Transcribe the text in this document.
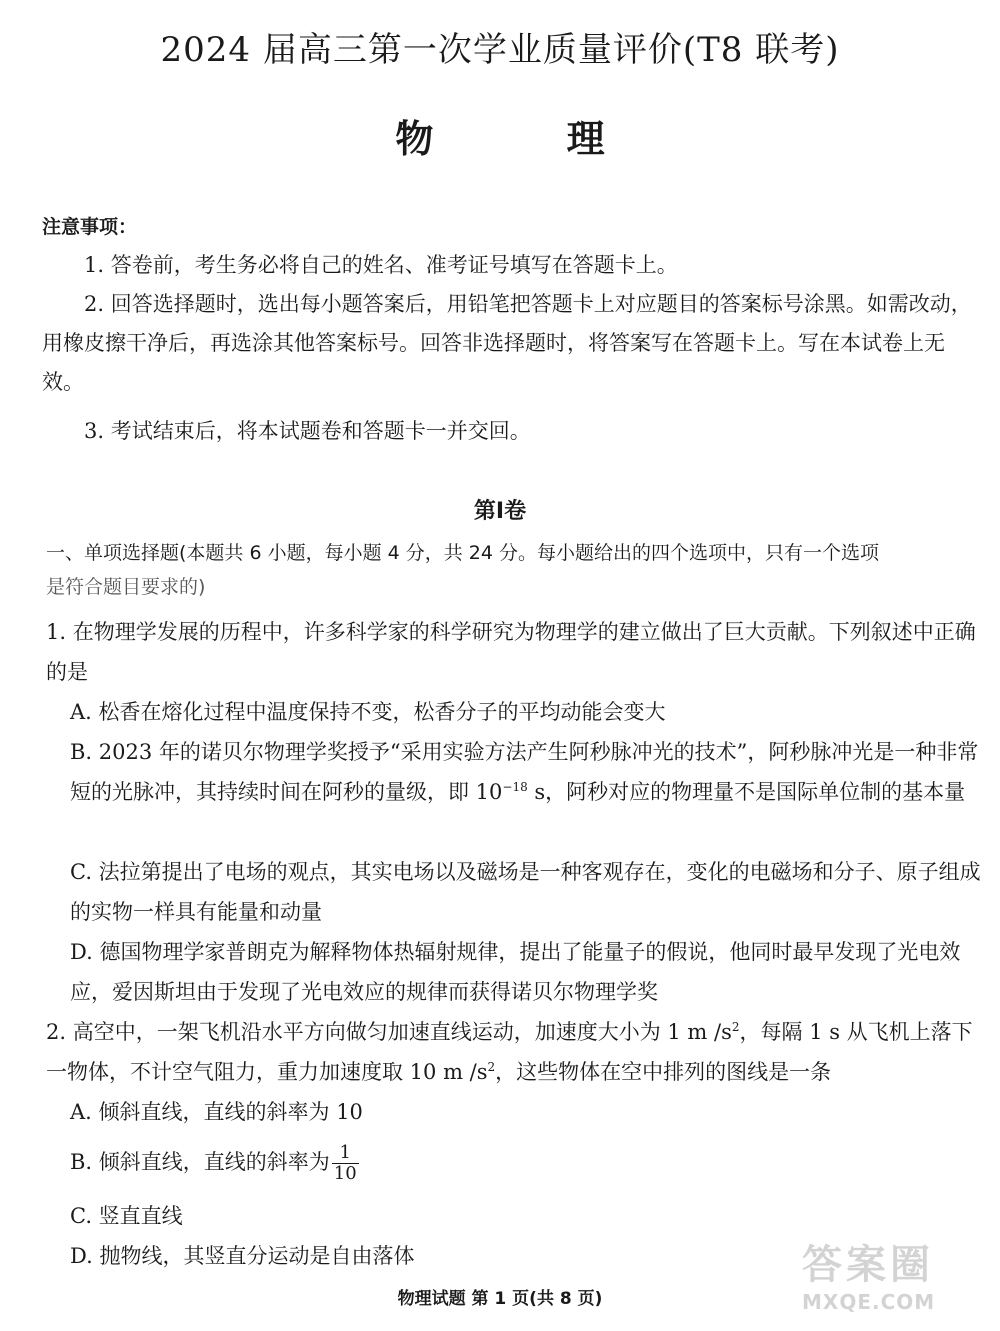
2024 届高三第一次学业质量评价(T8 联考)
物 理
注意事项：
1. 答卷前，考生务必将自己的姓名、准考证号填写在答题卡上。
2. 回答选择题时，选出每小题答案后，用铅笔把答题卡上对应题目的答案标号涂黑。如需改动，用橡皮擦干净后，再选涂其他答案标号。回答非选择题时，将答案写在答题卡上。写在本试卷上无效。
3. 考试结束后，将本试题卷和答题卡一并交回。
第Ⅰ卷
一、单项选择题(本题共 6 小题，每小题 4 分，共 24 分。每小题给出的四个选项中，只有一个选项
是符合题目要求的)
1. 在物理学发展的历程中，许多科学家的科学研究为物理学的建立做出了巨大贡献。下列叙述中正确的是
A. 松香在熔化过程中温度保持不变，松香分子的平均动能会变大
B. 2023 年的诺贝尔物理学奖授予“采用实验方法产生阿秒脉冲光的技术”，阿秒脉冲光是一种非常短的光脉冲，其持续时间在阿秒的量级，即 $10^{-18}$ s，阿秒对应的物理量不是国际单位制的基本量
C. 法拉第提出了电场的观点，其实电场以及磁场是一种客观存在，变化的电磁场和分子、原子组成的实物一样具有能量和动量
D. 德国物理学家普朗克为解释物体热辐射规律，提出了能量子的假说，他同时最早发现了光电效应，爱因斯坦由于发现了光电效应的规律而获得诺贝尔物理学奖
2. 高空中，一架飞机沿水平方向做匀加速直线运动，加速度大小为 1 m $/s^2$，每隔 1 s 从飞机上落下一物体，不计空气阻力，重力加速度取 10 m $/s^2$，这些物体在空中排列的图线是一条
A. 倾斜直线，直线的斜率为 10
B. 倾斜直线，直线的斜率为 $\frac{1}{10}$
C. 竖直直线
D. 抛物线，其竖直分运动是自由落体
物理试题 第 1 页(共 8 页)
答案圈
MXQE.COM
